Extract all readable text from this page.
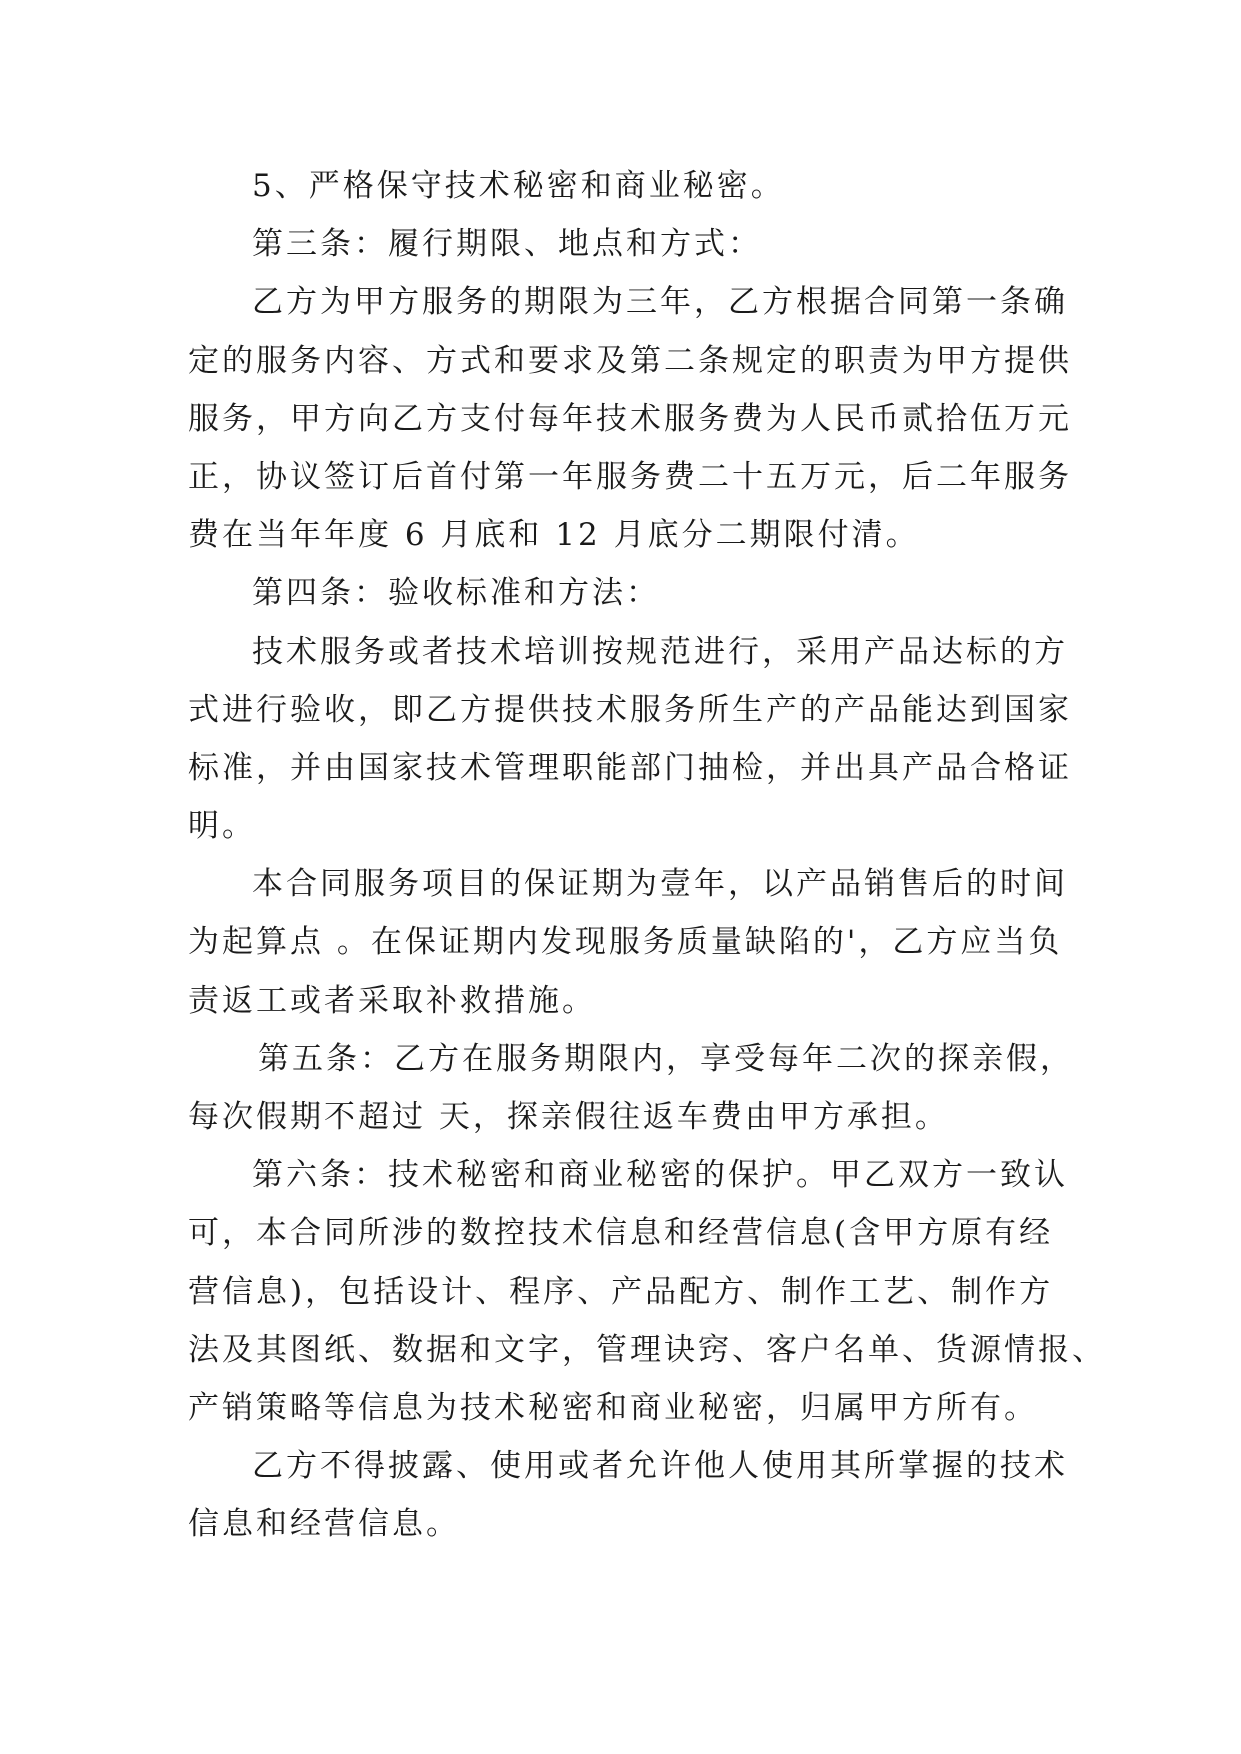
5、严格保守技术秘密和商业秘密。
第三条：履行期限、地点和方式：
乙方为甲方服务的期限为三年，乙方根据合同第一条确
定的服务内容、方式和要求及第二条规定的职责为甲方提供
服务，甲方向乙方支付每年技术服务费为人民币贰拾伍万元
正，协议签订后首付第一年服务费二十五万元，后二年服务
费在当年年度 6 月底和 12 月底分二期限付清。
第四条：验收标准和方法：
技术服务或者技术培训按规范进行，采用产品达标的方
式进行验收，即乙方提供技术服务所生产的产品能达到国家
标准，并由国家技术管理职能部门抽检，并出具产品合格证
明。
本合同服务项目的保证期为壹年，以产品销售后的时间
为起算点 。在保证期内发现服务质量缺陷的'，乙方应当负
责返工或者采取补救措施。
第五条：乙方在服务期限内，享受每年二次的探亲假，
每次假期不超过 天，探亲假往返车费由甲方承担。
第六条：技术秘密和商业秘密的保护。甲乙双方一致认
可，本合同所涉的数控技术信息和经营信息(含甲方原有经
营信息)，包括设计、程序、产品配方、制作工艺、制作方
法及其图纸、数据和文字，管理诀窍、客户名单、货源情报、
产销策略等信息为技术秘密和商业秘密，归属甲方所有。
乙方不得披露、使用或者允许他人使用其所掌握的技术
信息和经营信息。
